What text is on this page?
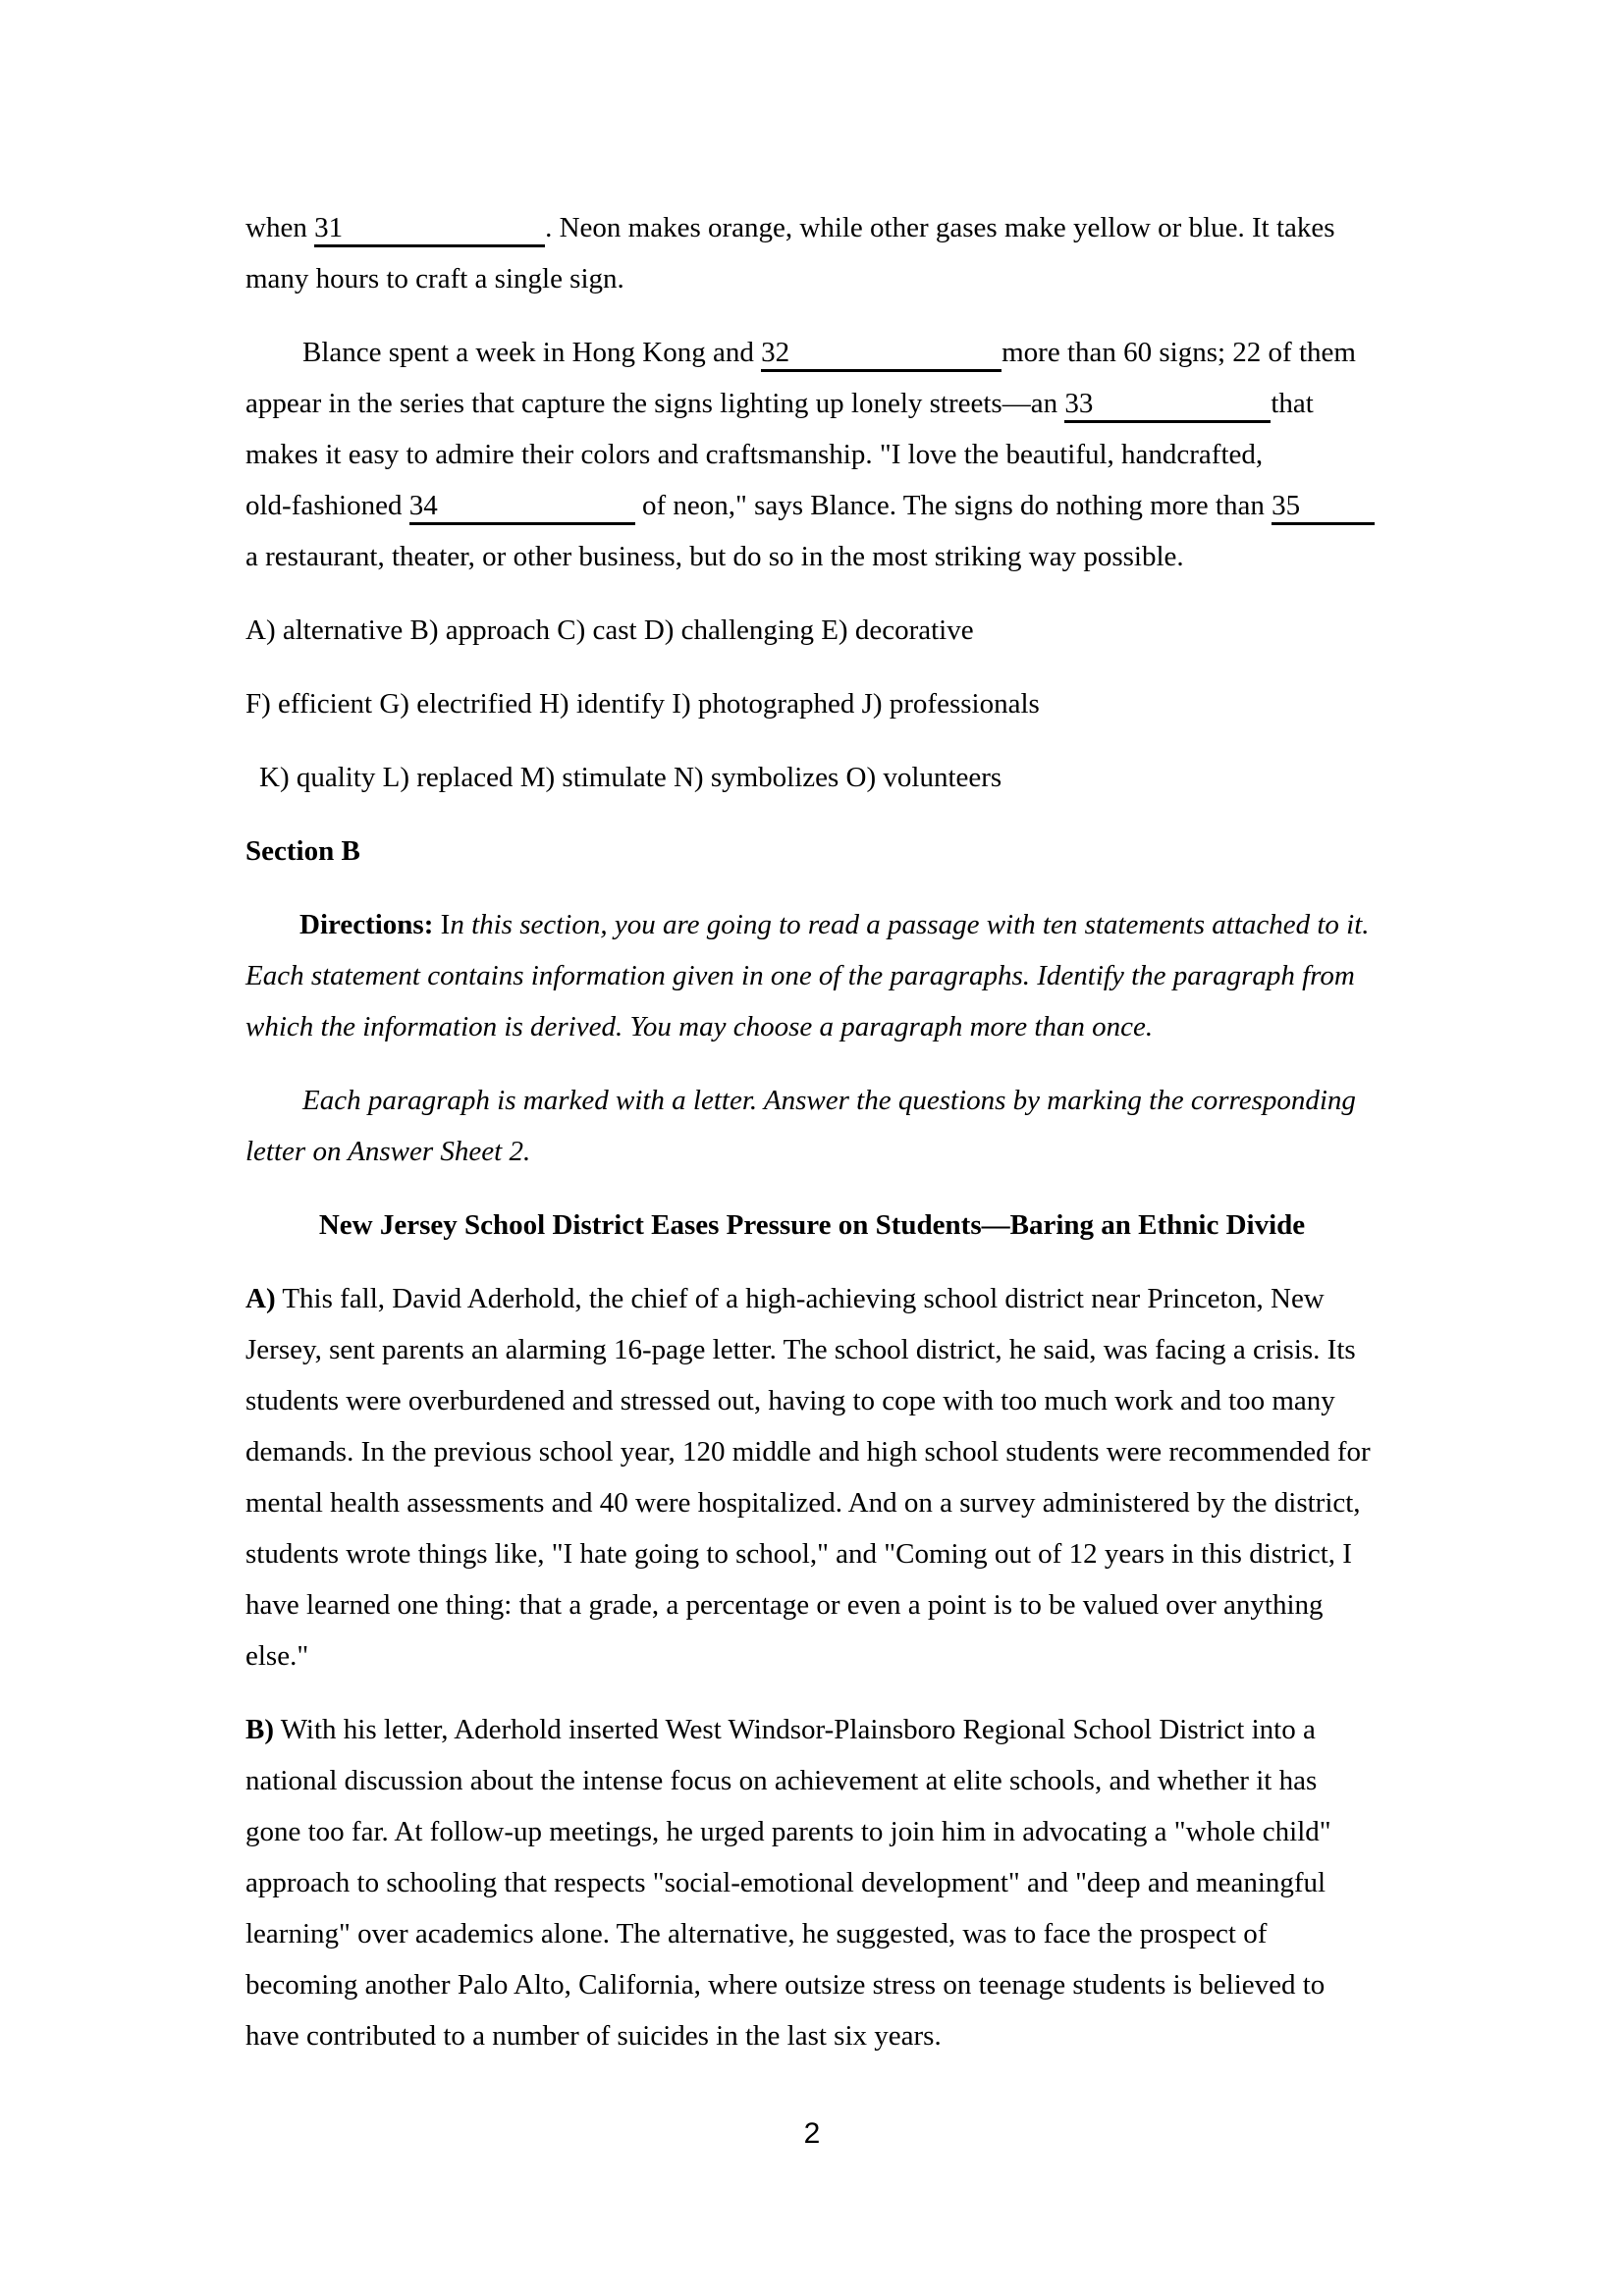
when 31	. Neon makes orange, while other gases make yellow or blue. It takes
many hours to craft a single sign.
Blance spent a week in Hong Kong and 32	more than 60 signs; 22 of them
appear in the series that capture the signs lighting up lonely streets—an 33	that
makes it easy to admire their colors and craftsmanship. "I love the beautiful, handcrafted,
old-fashioned 34	of neon," says Blance. The signs do nothing more than 35
a restaurant, theater, or other business, but do so in the most striking way possible.
A) alternative B) approach C) cast D) challenging E) decorative
F) efficient G) electrified H) identify I) photographed J) professionals
K) quality L) replaced M) stimulate N) symbolizes O) volunteers
Section B
Directions: In this section, you are going to read a passage with ten statements attached to it.
Each statement contains information given in one of the paragraphs. Identify the paragraph from
which the information is derived. You may choose a paragraph more than once.
Each paragraph is marked with a letter. Answer the questions by marking the corresponding
letter on Answer Sheet 2.
New Jersey School District Eases Pressure on Students—Baring an Ethnic Divide
A) This fall, David Aderhold, the chief of a high-achieving school district near Princeton, New
Jersey, sent parents an alarming 16-page letter. The school district, he said, was facing a crisis. Its
students were overburdened and stressed out, having to cope with too much work and too many
demands. In the previous school year, 120 middle and high school students were recommended for
mental health assessments and 40 were hospitalized. And on a survey administered by the district,
students wrote things like, "I hate going to school," and "Coming out of 12 years in this district, I
have learned one thing: that a grade, a percentage or even a point is to be valued over anything
else."
B) With his letter, Aderhold inserted West Windsor-Plainsboro Regional School District into a
national discussion about the intense focus on achievement at elite schools, and whether it has
gone too far. At follow-up meetings, he urged parents to join him in advocating a "whole child"
approach to schooling that respects "social-emotional development" and "deep and meaningful
learning" over academics alone. The alternative, he suggested, was to face the prospect of
becoming another Palo Alto, California, where outsize stress on teenage students is believed to
have contributed to a number of suicides in the last six years.
2
